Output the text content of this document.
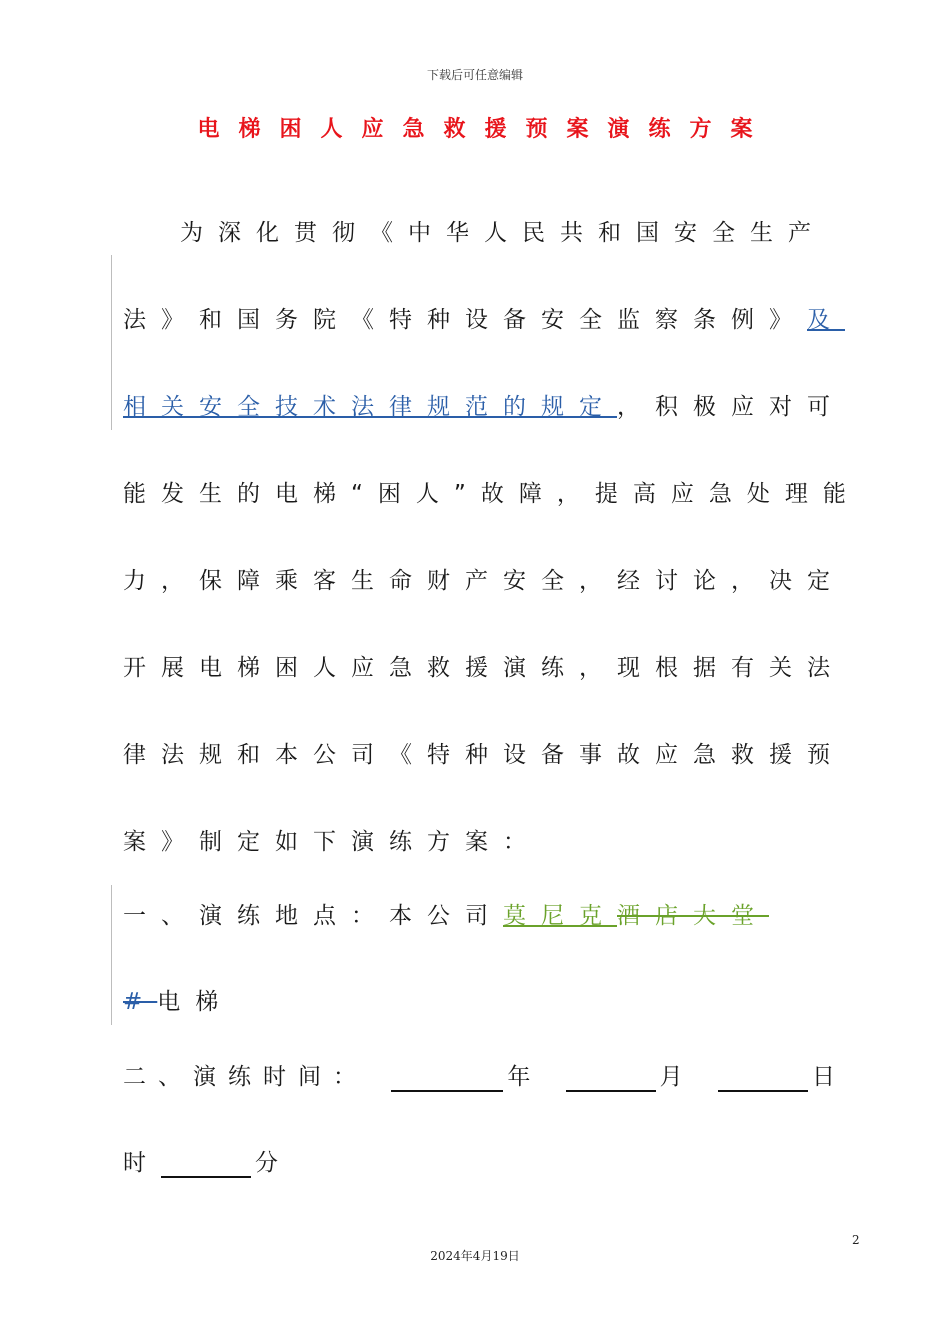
下载后可任意编辑
电梯困人应急救援预案演练方案
为深化贯彻《中华人民共和国安全生产
法》和国务院《特种设备安全监察条例》及
相关安全技术法律规范的规定，积极应对可
能发生的电梯“困人”故障，提高应急处理能
力，保障乘客生命财产安全，经讨论，决定
开展电梯困人应急救援演练，现根据有关法
律法规和本公司《特种设备事故应急救援预
案》制定如下演练方案：
一、演练地点：本公司莫尼克酒店大堂
#电梯
二、演练时间：	年	月	日
时	分
2
2024年4月19日
